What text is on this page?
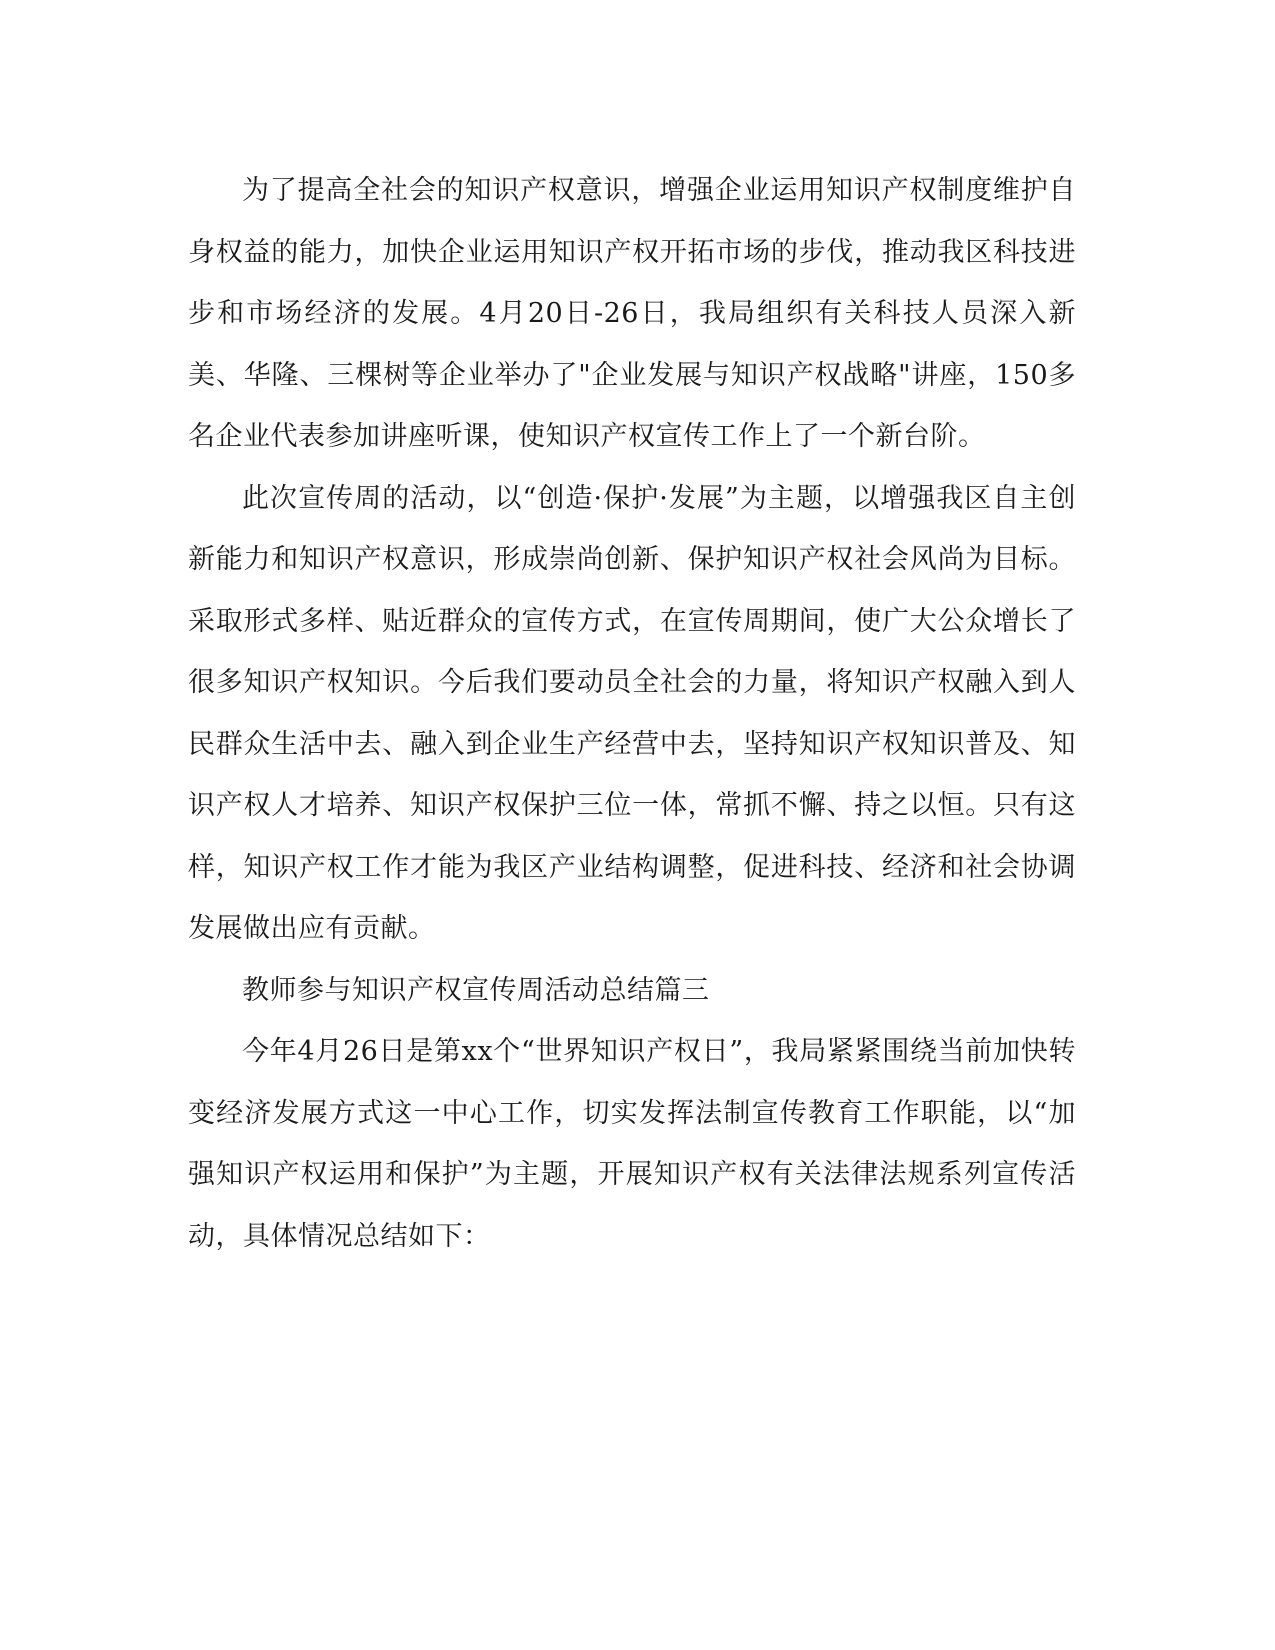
为了提高全社会的知识产权意识，增强企业运用知识产权制度维护自身权益的能力，加快企业运用知识产权开拓市场的步伐，推动我区科技进步和市场经济的发展。4月20日-26日，我局组织有关科技人员深入新美、华隆、三棵树等企业举办了"企业发展与知识产权战略"讲座，150多名企业代表参加讲座听课，使知识产权宣传工作上了一个新台阶。

此次宣传周的活动，以“创造·保护·发展”为主题，以增强我区自主创新能力和知识产权意识，形成崇尚创新、保护知识产权社会风尚为目标。采取形式多样、贴近群众的宣传方式，在宣传周期间，使广大公众增长了很多知识产权知识。今后我们要动员全社会的力量，将知识产权融入到人民群众生活中去、融入到企业生产经营中去，坚持知识产权知识普及、知识产权人才培养、知识产权保护三位一体，常抓不懈、持之以恒。只有这样，知识产权工作才能为我区产业结构调整，促进科技、经济和社会协调发展做出应有贡献。

教师参与知识产权宣传周活动总结篇三

今年4月26日是第xx个“世界知识产权日”，我局紧紧围绕当前加快转变经济发展方式这一中心工作，切实发挥法制宣传教育工作职能，以“加强知识产权运用和保护”为主题，开展知识产权有关法律法规系列宣传活动，具体情况总结如下：
